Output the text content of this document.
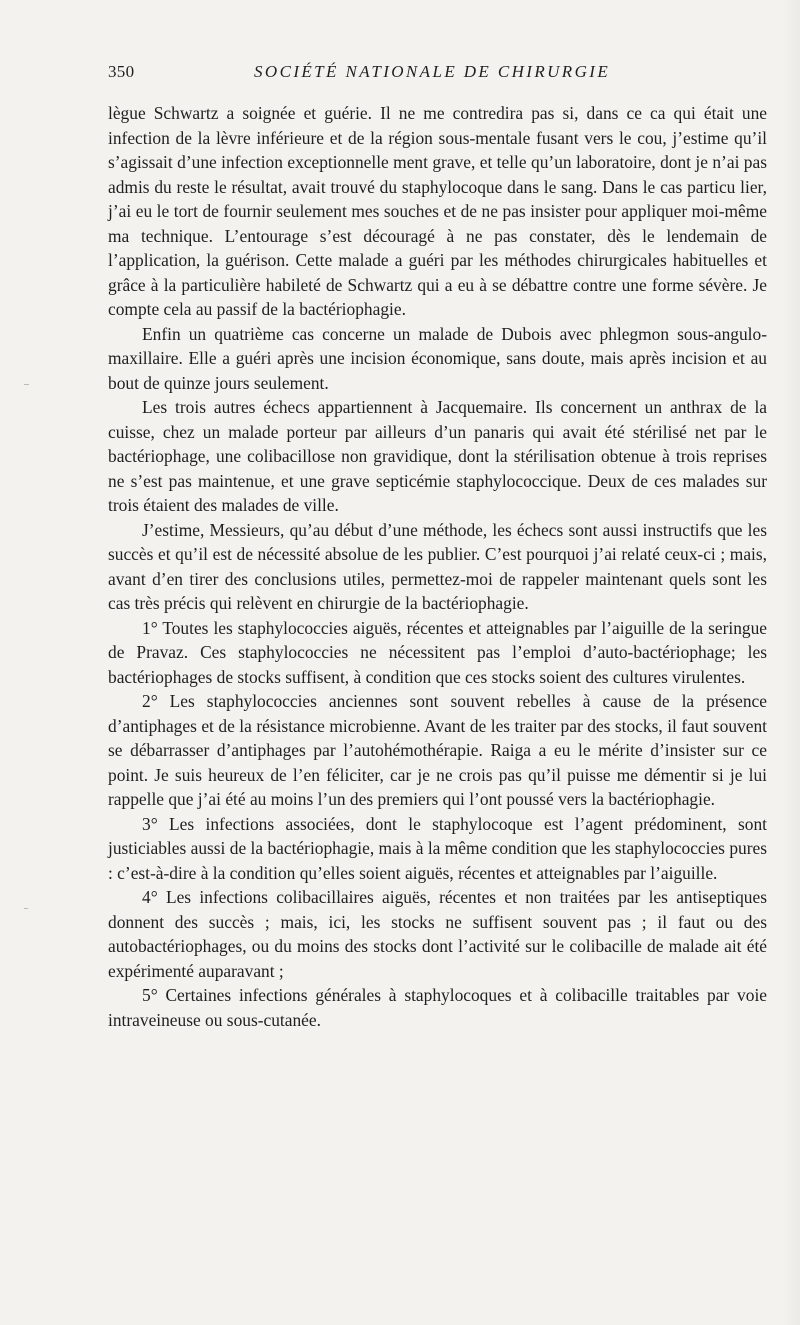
350	SOCIÉTÉ NATIONALE DE CHIRURGIE

lègue Schwartz a soignée et guérie. Il ne me contredira pas si, dans ce ca qui était une infection de la lèvre inférieure et de la région sous-mentale fusant vers le cou, j’estime qu’il s’agissait d’une infection exceptionnelle ment grave, et telle qu’un laboratoire, dont je n’ai pas admis du reste le résultat, avait trouvé du staphylocoque dans le sang. Dans le cas particu lier, j’ai eu le tort de fournir seulement mes souches et de ne pas insister pour appliquer moi-même ma technique. L’entourage s’est découragé à ne pas constater, dès le lendemain de l’application, la guérison. Cette malade a guéri par les méthodes chirurgicales habituelles et grâce à la particulière habileté de Schwartz qui a eu à se débattre contre une forme sévère. Je compte cela au passif de la bactériophagie.

Enfin un quatrième cas concerne un malade de Dubois avec phlegmon sous-angulo-maxillaire. Elle a guéri après une incision économique, sans doute, mais après incision et au bout de quinze jours seulement.

Les trois autres échecs appartiennent à Jacquemaire. Ils concernent un anthrax de la cuisse, chez un malade porteur par ailleurs d’un panaris qui avait été stérilisé net par le bactériophage, une colibacillose non gravidique, dont la stérilisation obtenue à trois reprises ne s’est pas maintenue, et une grave septicémie staphylococcique. Deux de ces malades sur trois étaient des malades de ville.

J’estime, Messieurs, qu’au début d’une méthode, les échecs sont aussi instructifs que les succès et qu’il est de nécessité absolue de les publier. C’est pourquoi j’ai relaté ceux-ci ; mais, avant d’en tirer des conclusions utiles, permettez-moi de rappeler maintenant quels sont les cas très précis qui relèvent en chirurgie de la bactériophagie.

1° Toutes les staphylococcies aiguës, récentes et atteignables par l’aiguille de la seringue de Pravaz. Ces staphylococcies ne nécessitent pas l’emploi d’auto-bactériophage; les bactériophages de stocks suffisent, à condition que ces stocks soient des cultures virulentes.

2° Les staphylococcies anciennes sont souvent rebelles à cause de la présence d’antiphages et de la résistance microbienne. Avant de les traiter par des stocks, il faut souvent se débarrasser d’antiphages par l’autohémothérapie. Raiga a eu le mérite d’insister sur ce point. Je suis heureux de l’en féliciter, car je ne crois pas qu’il puisse me démentir si je lui rappelle que j’ai été au moins l’un des premiers qui l’ont poussé vers la bactériophagie.

3° Les infections associées, dont le staphylocoque est l’agent prédominent, sont justiciables aussi de la bactériophagie, mais à la même condition que les staphylococcies pures : c’est-à-dire à la condition qu’elles soient aiguës, récentes et atteignables par l’aiguille.

4° Les infections colibacillaires aiguës, récentes et non traitées par les antiseptiques donnent des succès ; mais, ici, les stocks ne suffisent souvent pas ; il faut ou des autobactériophages, ou du moins des stocks dont l’activité sur le colibacille de malade ait été expérimenté auparavant ;

5° Certaines infections générales à staphylocoques et à colibacille traitables par voie intraveineuse ou sous-cutanée.
